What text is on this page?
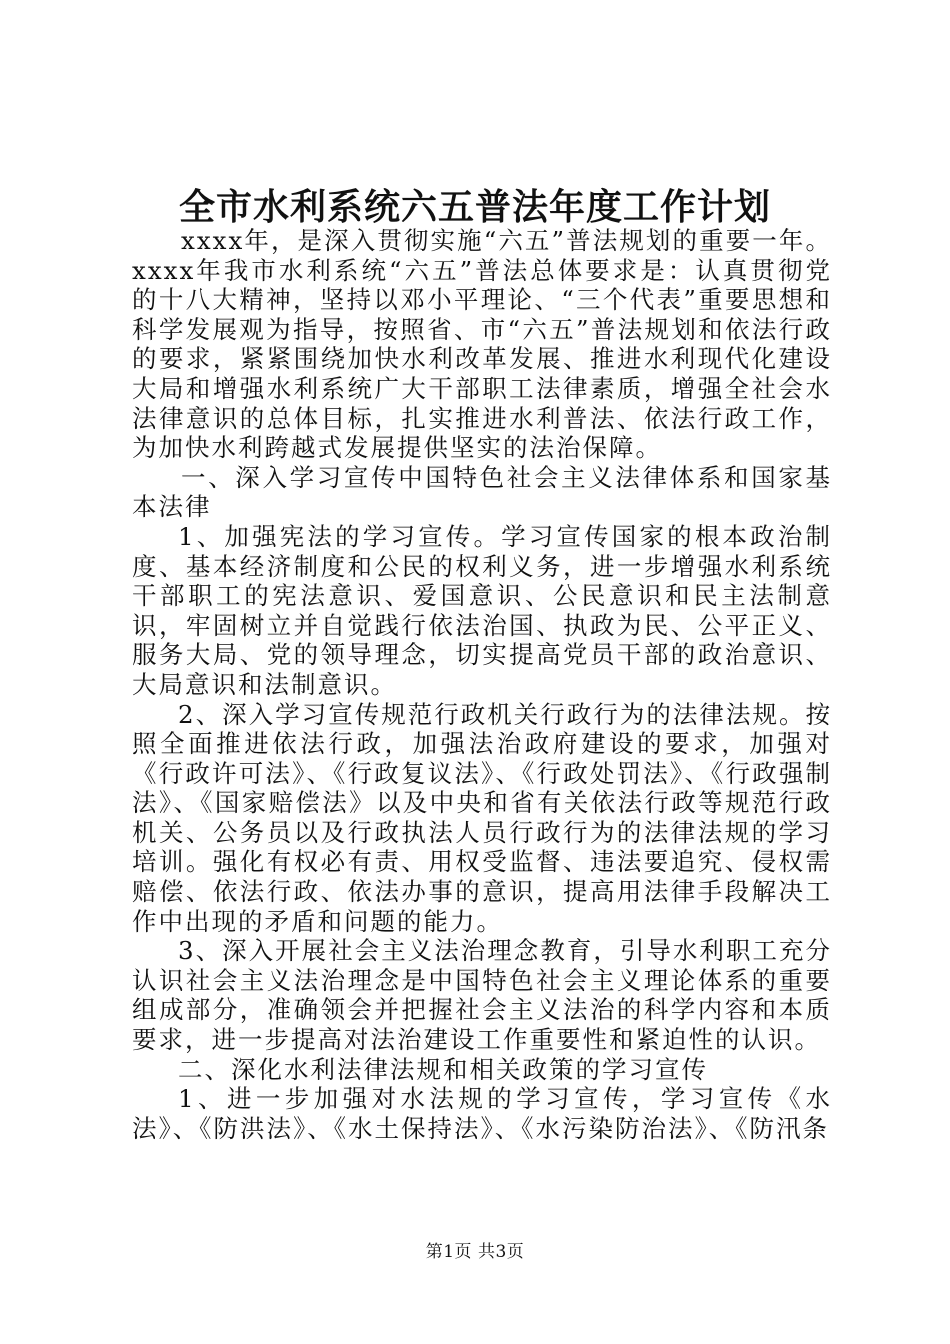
全市水利系统六五普法年度工作计划

xxxx年，是深入贯彻实施“六五”普法规划的重要一年。xxxx年我市水利系统“六五”普法总体要求是：认真贯彻党的十八大精神，坚持以邓小平理论、“三个代表”重要思想和科学发展观为指导，按照省、市“六五”普法规划和依法行政的要求，紧紧围绕加快水利改革发展、推进水利现代化建设大局和增强水利系统广大干部职工法律素质，增强全社会水法律意识的总体目标，扎实推进水利普法、依法行政工作，为加快水利跨越式发展提供坚实的法治保障。

一、深入学习宣传中国特色社会主义法律体系和国家基本法律

1、加强宪法的学习宣传。学习宣传国家的根本政治制度、基本经济制度和公民的权利义务，进一步增强水利系统干部职工的宪法意识、爱国意识、公民意识和民主法制意识，牢固树立并自觉践行依法治国、执政为民、公平正义、服务大局、党的领导理念，切实提高党员干部的政治意识、大局意识和法制意识。

2、深入学习宣传规范行政机关行政行为的法律法规。按照全面推进依法行政，加强法治政府建设的要求，加强对《行政许可法》、《行政复议法》、《行政处罚法》、《行政强制法》、《国家赔偿法》以及中央和省有关依法行政等规范行政机关、公务员以及行政执法人员行政行为的法律法规的学习培训。强化有权必有责、用权受监督、违法要追究、侵权需赔偿、依法行政、依法办事的意识，提高用法律手段解决工作中出现的矛盾和问题的能力。

3、深入开展社会主义法治理念教育，引导水利职工充分认识社会主义法治理念是中国特色社会主义理论体系的重要组成部分，准确领会并把握社会主义法治的科学内容和本质要求，进一步提高对法治建设工作重要性和紧迫性的认识。

二、深化水利法律法规和相关政策的学习宣传

1、进一步加强对水法规的学习宣传，学习宣传《水法》、《防洪法》、《水土保持法》、《水污染防治法》、《防汛条

第1页 共3页
